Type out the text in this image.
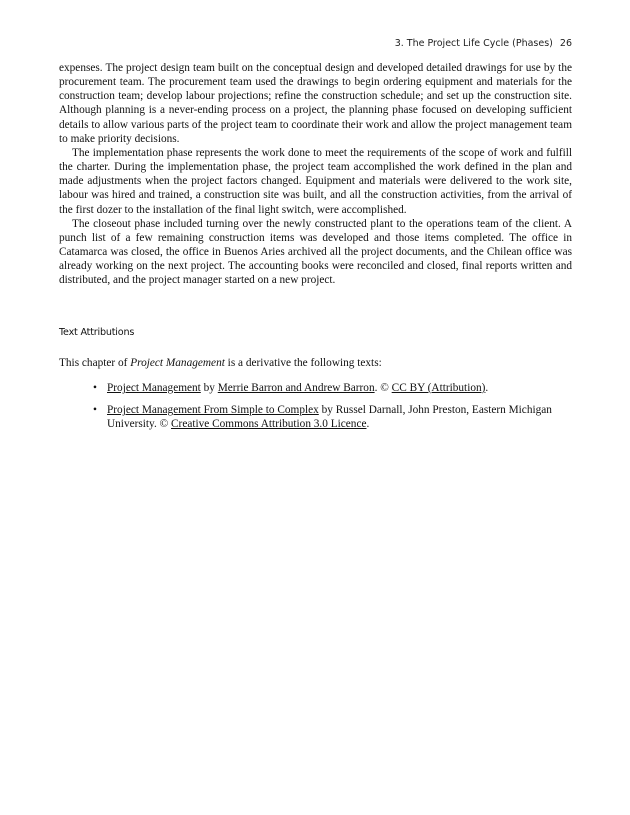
3. The Project Life Cycle (Phases) 26

expenses. The project design team built on the conceptual design and developed detailed drawings for use by the procurement team. The procurement team used the drawings to begin ordering equipment and materials for the construction team; develop labour projections; refine the construction schedule; and set up the construction site. Although planning is a never-ending process on a project, the planning phase focused on developing sufficient details to allow various parts of the project team to coordinate their work and allow the project management team to make priority decisions.

The implementation phase represents the work done to meet the requirements of the scope of work and fulfill the charter. During the implementation phase, the project team accomplished the work defined in the plan and made adjustments when the project factors changed. Equipment and materials were delivered to the work site, labour was hired and trained, a construction site was built, and all the construction activities, from the arrival of the first dozer to the installation of the final light switch, were accomplished.

The closeout phase included turning over the newly constructed plant to the operations team of the client. A punch list of a few remaining construction items was developed and those items completed. The office in Catamarca was closed, the office in Buenos Aries archived all the project documents, and the Chilean office was already working on the next project. The accounting books were reconciled and closed, final reports written and distributed, and the project manager started on a new project.

Text Attributions
This chapter of Project Management is a derivative the following texts:
• Project Management by Merrie Barron and Andrew Barron. © CC BY (Attribution).
• Project Management From Simple to Complex by Russel Darnall, John Preston, Eastern Michigan University. © Creative Commons Attribution 3.0 Licence.
